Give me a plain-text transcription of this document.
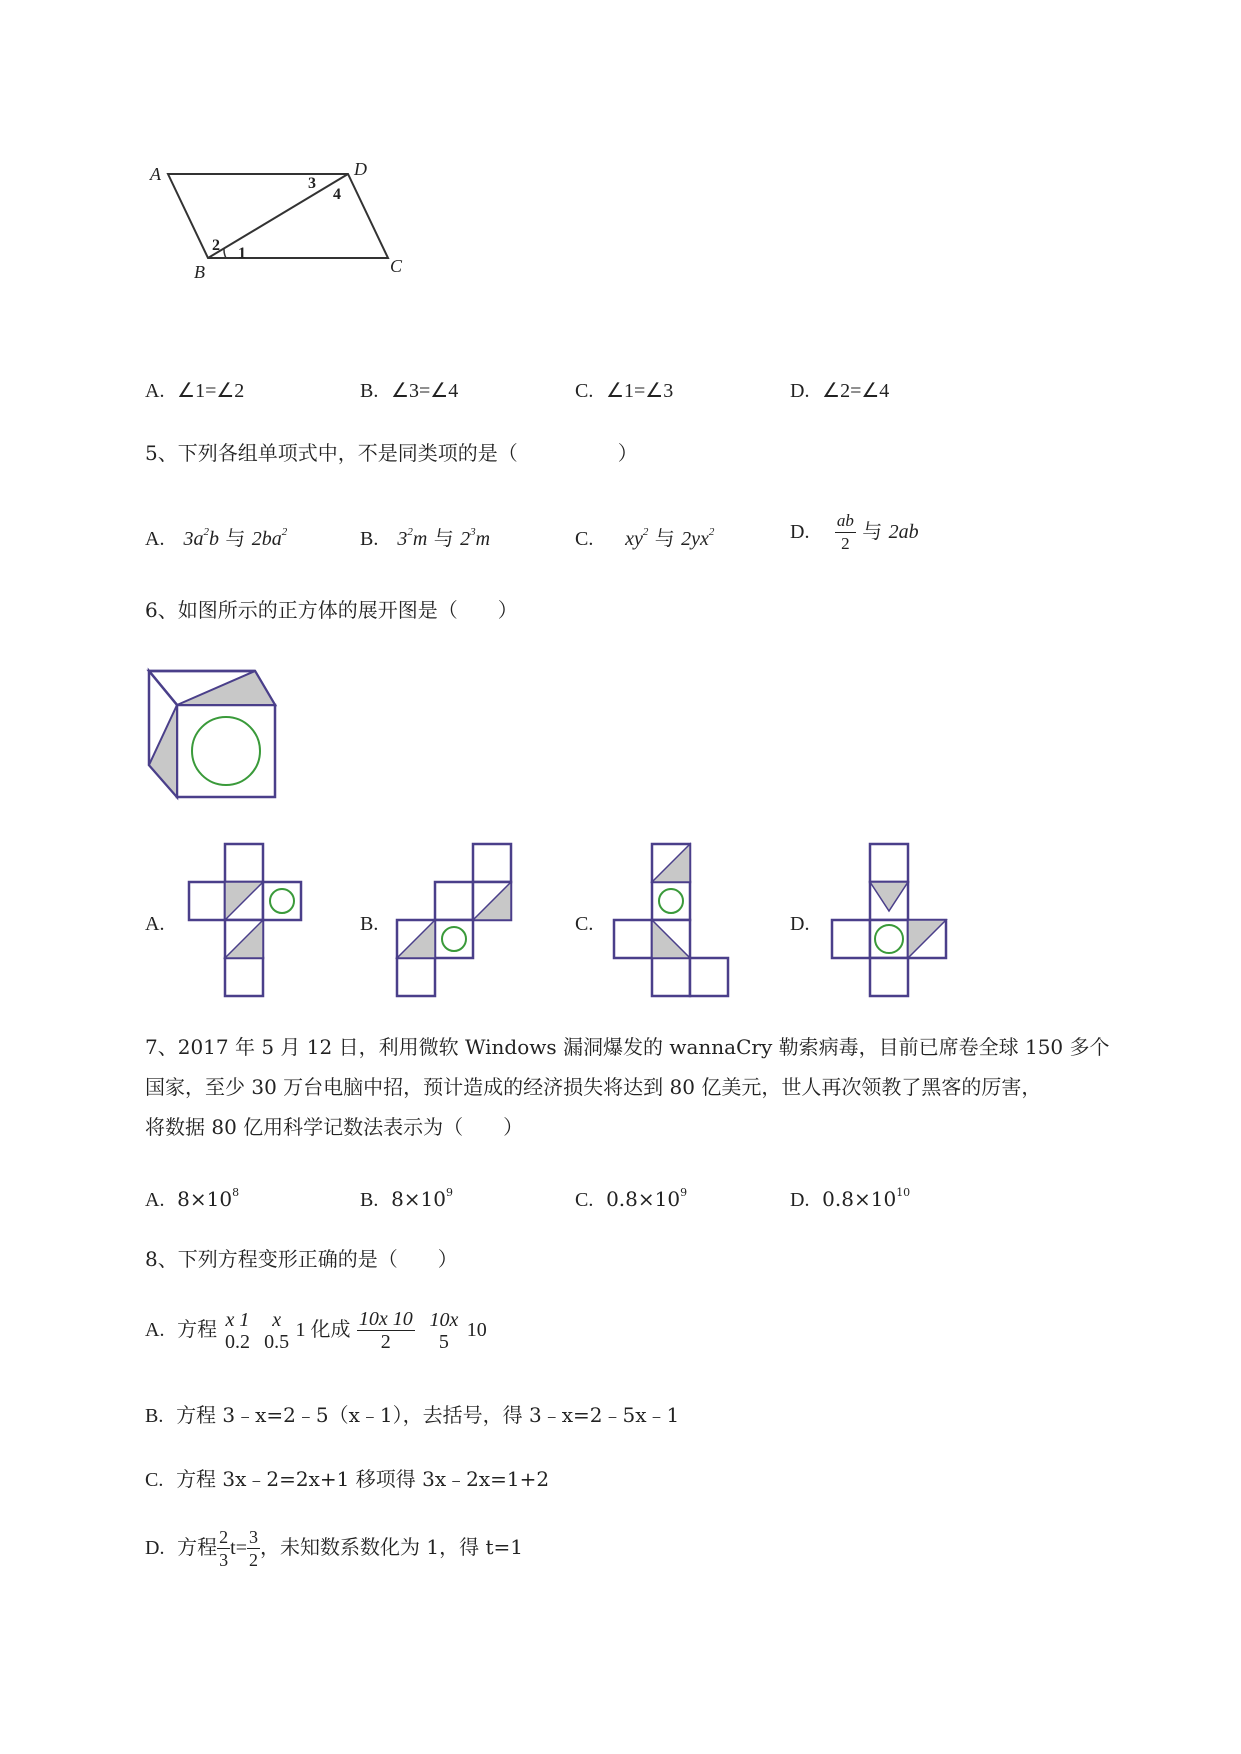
A	D
B	C
1
2
3
4
A. ∠1=∠2	B. ∠3=∠4	C. ∠1=∠3	D. ∠2=∠4
5、下列各组单项式中，不是同类项的是（　　　　　）
A. $3a^2b$ 与 $2ba^2$	B. $3^2m$ 与 $2^3m$	C. $xy^2$ 与 $2yx^2$	D. $\frac{ab}{2}$ 与 2ab
6、如图所示的正方体的展开图是（　　）
A.	B.	C.	D.
7、2017 年 5 月 12 日，利用微软 Windows 漏洞爆发的 wannaCry 勒索病毒，目前已席卷全球 150 多个
国家，至少 30 万台电脑中招，预计造成的经济损失将达到 80 亿美元，世人再次领教了黑客的厉害，
将数据 80 亿用科学记数法表示为（　　）
A. $8\times 10^8$	B. $8\times 10^9$	C. $0.8\times 10^9$	D. $0.8\times 10^{10}$
8、下列方程变形正确的是（　　）
A. 方程 x 1
0.2

x
0.5
1 化成 $\frac{10x 10}{2}$
10x
5
10
B. 方程 3﹣x=2﹣5（x﹣1），去括号，得 3﹣x=2﹣5x﹣1
C. 方程 3x﹣2=2x+1 移项得 3x﹣2x=1+2
D. 方程 $\frac{2}{3} t= \frac{3}{2}$ ，未知数系数化为 1，得 t=1
